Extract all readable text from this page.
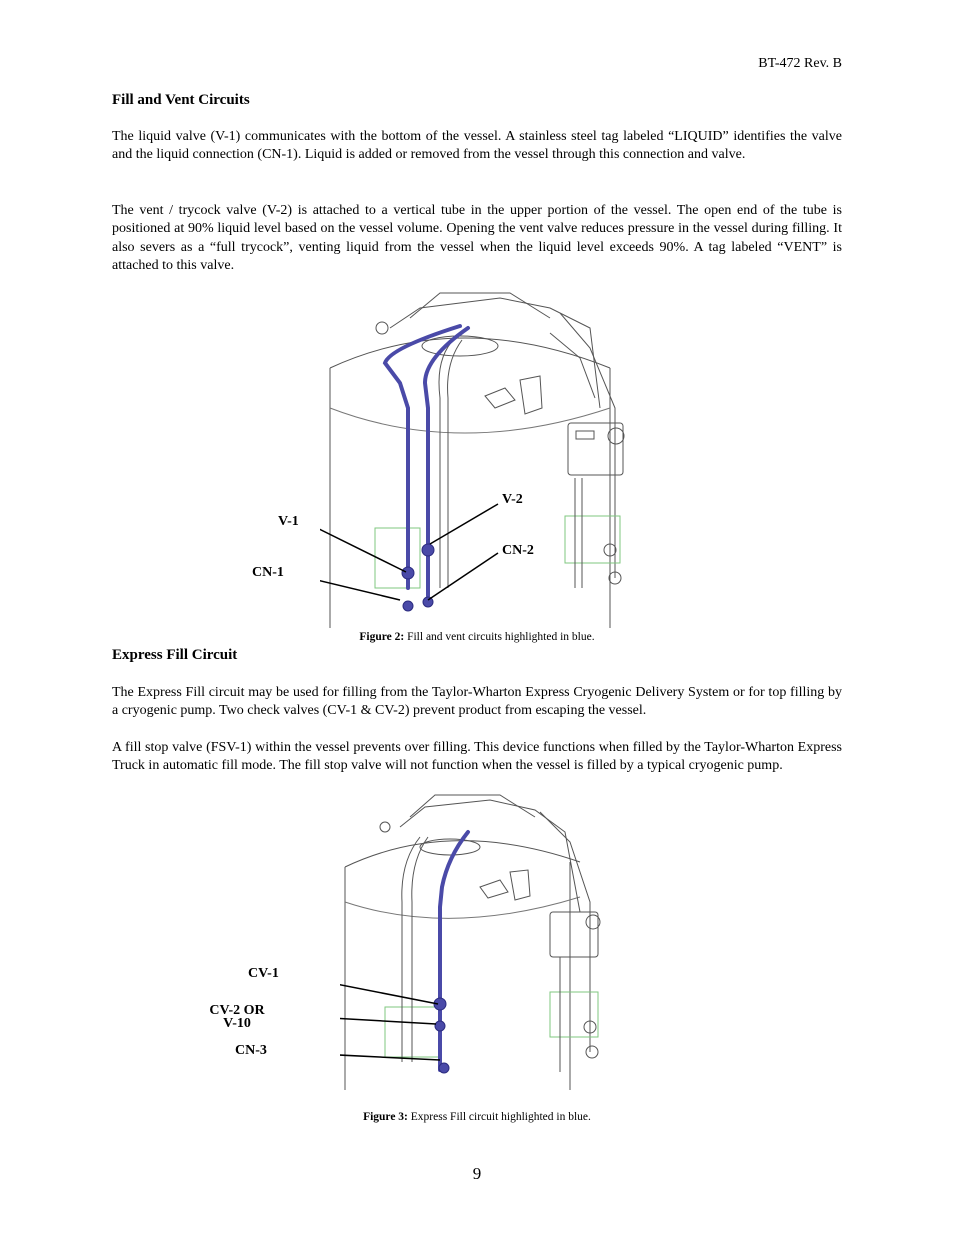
BT-472 Rev. B
Fill and Vent Circuits

The liquid valve (V-1) communicates with the bottom of the vessel. A stainless steel tag labeled “LIQUID” identifies the valve and the liquid connection (CN-1). Liquid is added or removed from the vessel through this connection and valve.

The vent / trycock valve (V-2) is attached to a vertical tube in the upper portion of the vessel. The open end of the tube is positioned at 90% liquid level based on the vessel volume. Opening the vent valve reduces pressure in the vessel during filling. It also severs as a “full trycock”, venting liquid from the vessel when the liquid level exceeds 90%. A tag labeled “VENT” is attached to this valve.

V-1
CN-1
V-2
CN-2
Figure 2: Fill and vent circuits highlighted in blue.
Express Fill Circuit

The Express Fill circuit may be used for filling from the Taylor-Wharton Express Cryogenic Delivery System or for top filling by a cryogenic pump. Two check valves (CV-1 & CV-2) prevent product from escaping the vessel.

A fill stop valve (FSV-1) within the vessel prevents over filling. This device functions when filled by the Taylor-Wharton Express Truck in automatic fill mode. The fill stop valve will not function when the vessel is filled by a typical cryogenic pump.

CV-1
CV-2 OR
V-10
CN-3
Figure 3: Express Fill circuit highlighted in blue.
9
